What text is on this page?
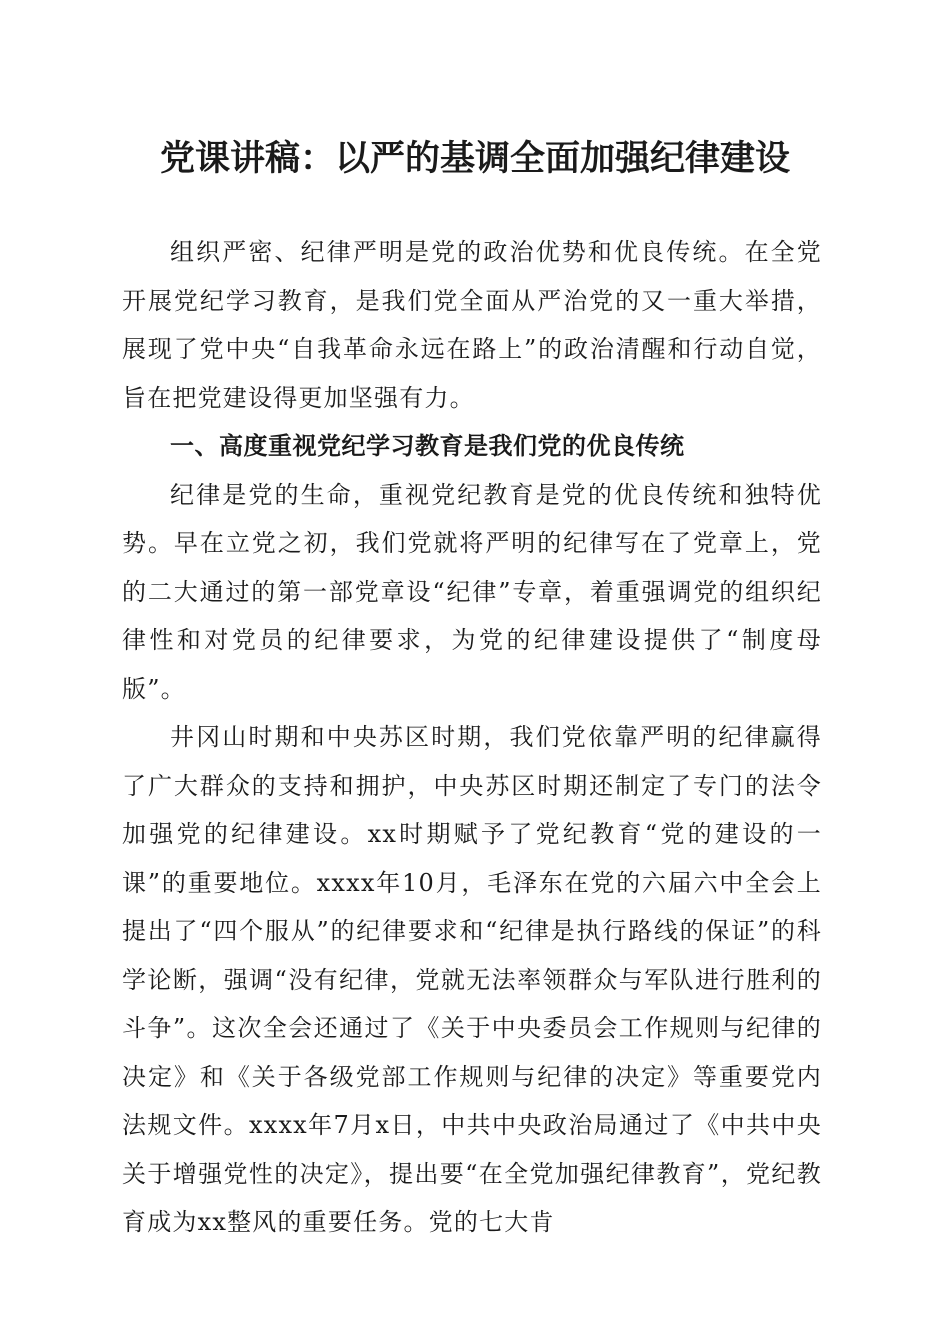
党课讲稿：以严的基调全面加强纪律建设

组织严密、纪律严明是党的政治优势和优良传统。在全党开展党纪学习教育，是我们党全面从严治党的又一重大举措，展现了党中央“自我革命永远在路上”的政治清醒和行动自觉，旨在把党建设得更加坚强有力。

一、高度重视党纪学习教育是我们党的优良传统

纪律是党的生命，重视党纪教育是党的优良传统和独特优势。早在立党之初，我们党就将严明的纪律写在了党章上，党的二大通过的第一部党章设“纪律”专章，着重强调党的组织纪律性和对党员的纪律要求，为党的纪律建设提供了“制度母版”。

井冈山时期和中央苏区时期，我们党依靠严明的纪律赢得了广大群众的支持和拥护，中央苏区时期还制定了专门的法令加强党的纪律建设。xx时期赋予了党纪教育“党的建设的一课”的重要地位。xxxx年10月，毛泽东在党的六届六中全会上提出了“四个服从”的纪律要求和“纪律是执行路线的保证”的科学论断，强调“没有纪律，党就无法率领群众与军队进行胜利的斗争”。这次全会还通过了《关于中央委员会工作规则与纪律的决定》和《关于各级党部工作规则与纪律的决定》等重要党内法规文件。xxxx年7月x日，中共中央政治局通过了《中共中央关于增强党性的决定》，提出要“在全党加强纪律教育”，党纪教育成为xx整风的重要任务。党的七大肯
